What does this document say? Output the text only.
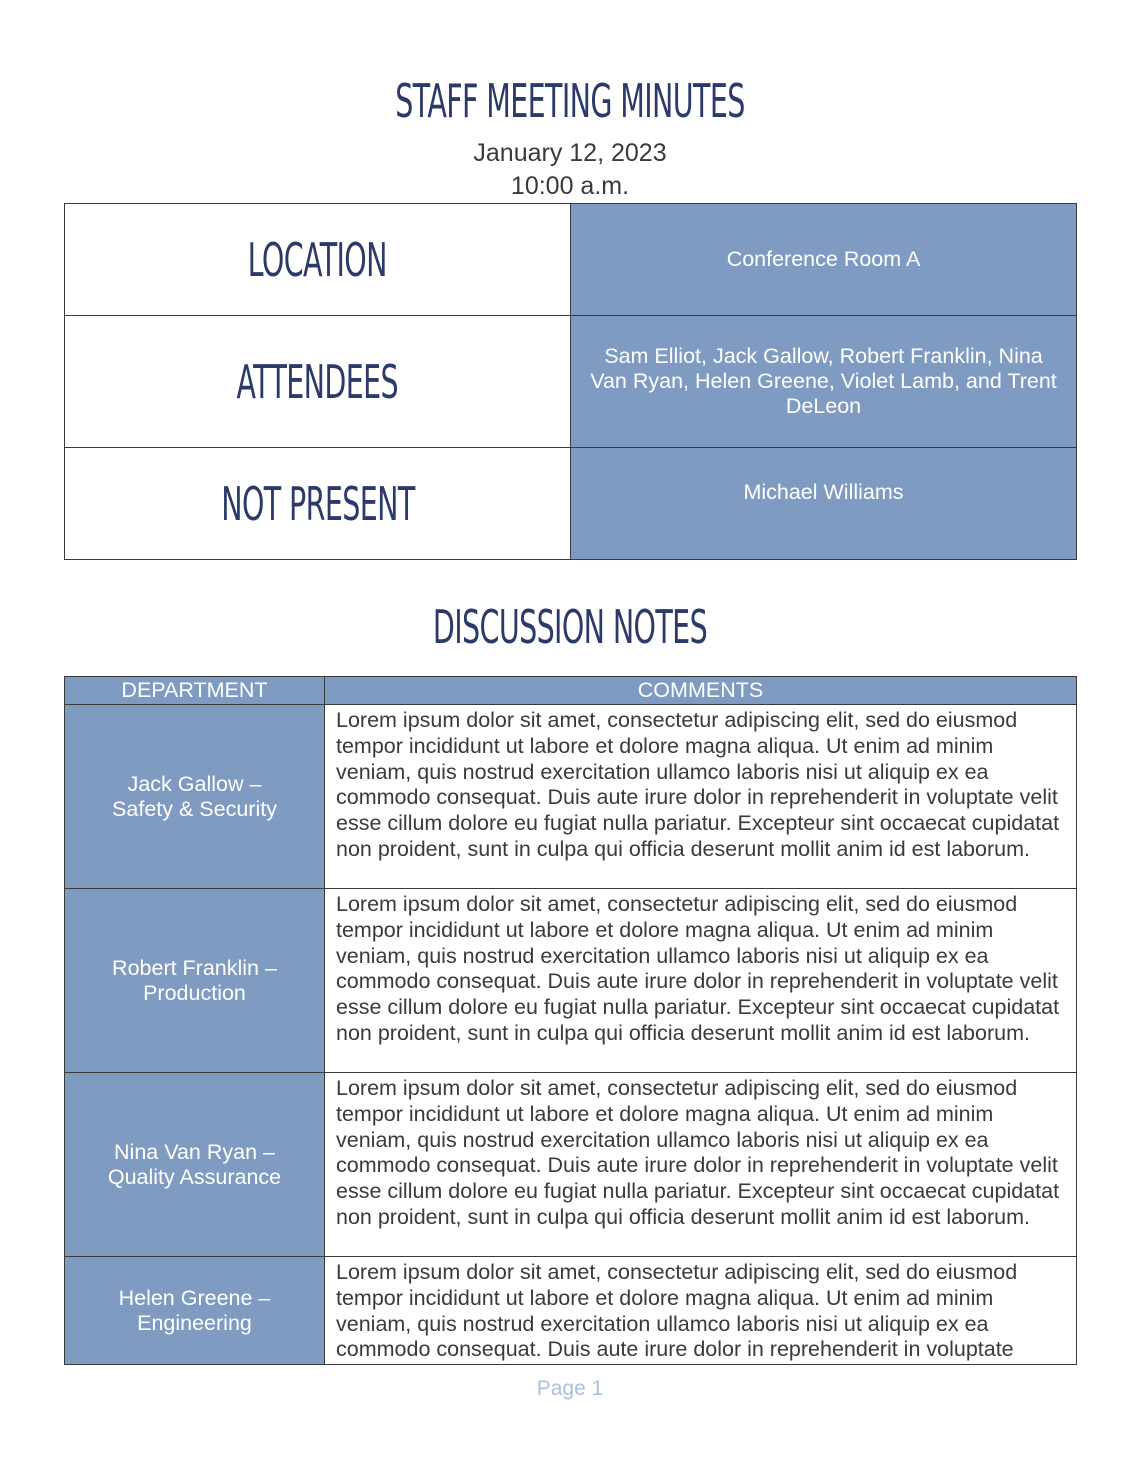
STAFF MEETING MINUTES
January 12, 2023
10:00 a.m.
LOCATION	Conference Room A
ATTENDEES	Sam Elliot, Jack Gallow, Robert Franklin, Nina Van Ryan, Helen Greene, Violet Lamb, and Trent DeLeon
NOT PRESENT	Michael Williams
DISCUSSION NOTES
DEPARTMENT	COMMENTS

Jack Gallow –
Safety & Security	Lorem ipsum dolor sit amet, consectetur adipiscing elit, sed do eiusmod tempor incididunt ut labore et dolore magna aliqua. Ut enim ad minim veniam, quis nostrud exercitation ullamco laboris nisi ut aliquip ex ea commodo consequat. Duis aute irure dolor in reprehenderit in voluptate velit esse cillum dolore eu fugiat nulla pariatur. Excepteur sint occaecat cupidatat non proident, sunt in culpa qui officia deserunt mollit anim id est laborum.

Robert Franklin –
Production	Lorem ipsum dolor sit amet, consectetur adipiscing elit, sed do eiusmod tempor incididunt ut labore et dolore magna aliqua. Ut enim ad minim veniam, quis nostrud exercitation ullamco laboris nisi ut aliquip ex ea commodo consequat. Duis aute irure dolor in reprehenderit in voluptate velit esse cillum dolore eu fugiat nulla pariatur. Excepteur sint occaecat cupidatat non proident, sunt in culpa qui officia deserunt mollit anim id est laborum.

Nina Van Ryan –
Quality Assurance	Lorem ipsum dolor sit amet, consectetur adipiscing elit, sed do eiusmod tempor incididunt ut labore et dolore magna aliqua. Ut enim ad minim veniam, quis nostrud exercitation ullamco laboris nisi ut aliquip ex ea commodo consequat. Duis aute irure dolor in reprehenderit in voluptate velit esse cillum dolore eu fugiat nulla pariatur. Excepteur sint occaecat cupidatat non proident, sunt in culpa qui officia deserunt mollit anim id est laborum.

Helen Greene –
Engineering	Lorem ipsum dolor sit amet, consectetur adipiscing elit, sed do eiusmod tempor incididunt ut labore et dolore magna aliqua. Ut enim ad minim veniam, quis nostrud exercitation ullamco laboris nisi ut aliquip ex ea commodo consequat. Duis aute irure dolor in reprehenderit in voluptate
Page 1
